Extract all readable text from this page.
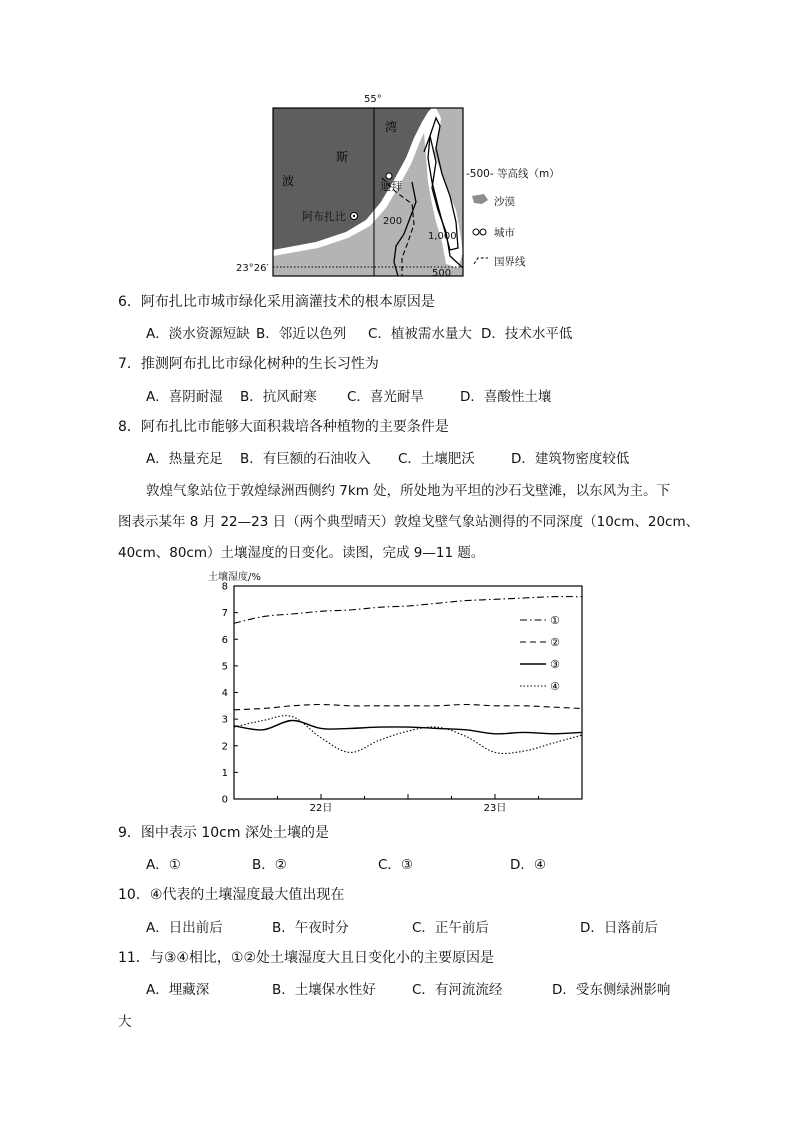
55°
23°26′
波
斯
湾
迪拜
阿布扎比	200
1,000
500
-500- 等高线（m）
沙漠
城市
国界线
6．阿布扎比市城市绿化采用滴灌技术的根本原因是
A．淡水资源短缺 B．邻近以色列 C．植被需水量大 D．技术水平低
7．推测阿布扎比市绿化树种的生长习性为
A．喜阴耐湿 B．抗风耐寒 C．喜光耐旱	D．喜酸性土壤
8．阿布扎比市能够大面积栽培各种植物的主要条件是
A．热量充足 B．有巨额的石油收入 C．土壤肥沃	D．建筑物密度较低
敦煌气象站位于敦煌绿洲西侧约 7km 处，所处地为平坦的沙石戈壁滩，以东风为主。下
图表示某年 8 月 22—23 日（两个典型晴天）敦煌戈壁气象站测得的不同深度（10cm、20cm、
40cm、80cm）土壤湿度的日变化。读图，完成 9—11 题。
土壤湿度/%
0
1
2
3
4
5
6
7
8
22日	23日
①
②
③
④
9．图中表示 10cm 深处土壤的是
A．①	B．②	C．③	D．④
10．④代表的土壤湿度最大值出现在
A．日出前后	B．午夜时分	C．正午前后	D．日落前后
11．与③④相比，①②处土壤湿度大且日变化小的主要原因是
A．埋藏深	B．土壤保水性好	C．有河流流经	D．受东侧绿洲影响
大
